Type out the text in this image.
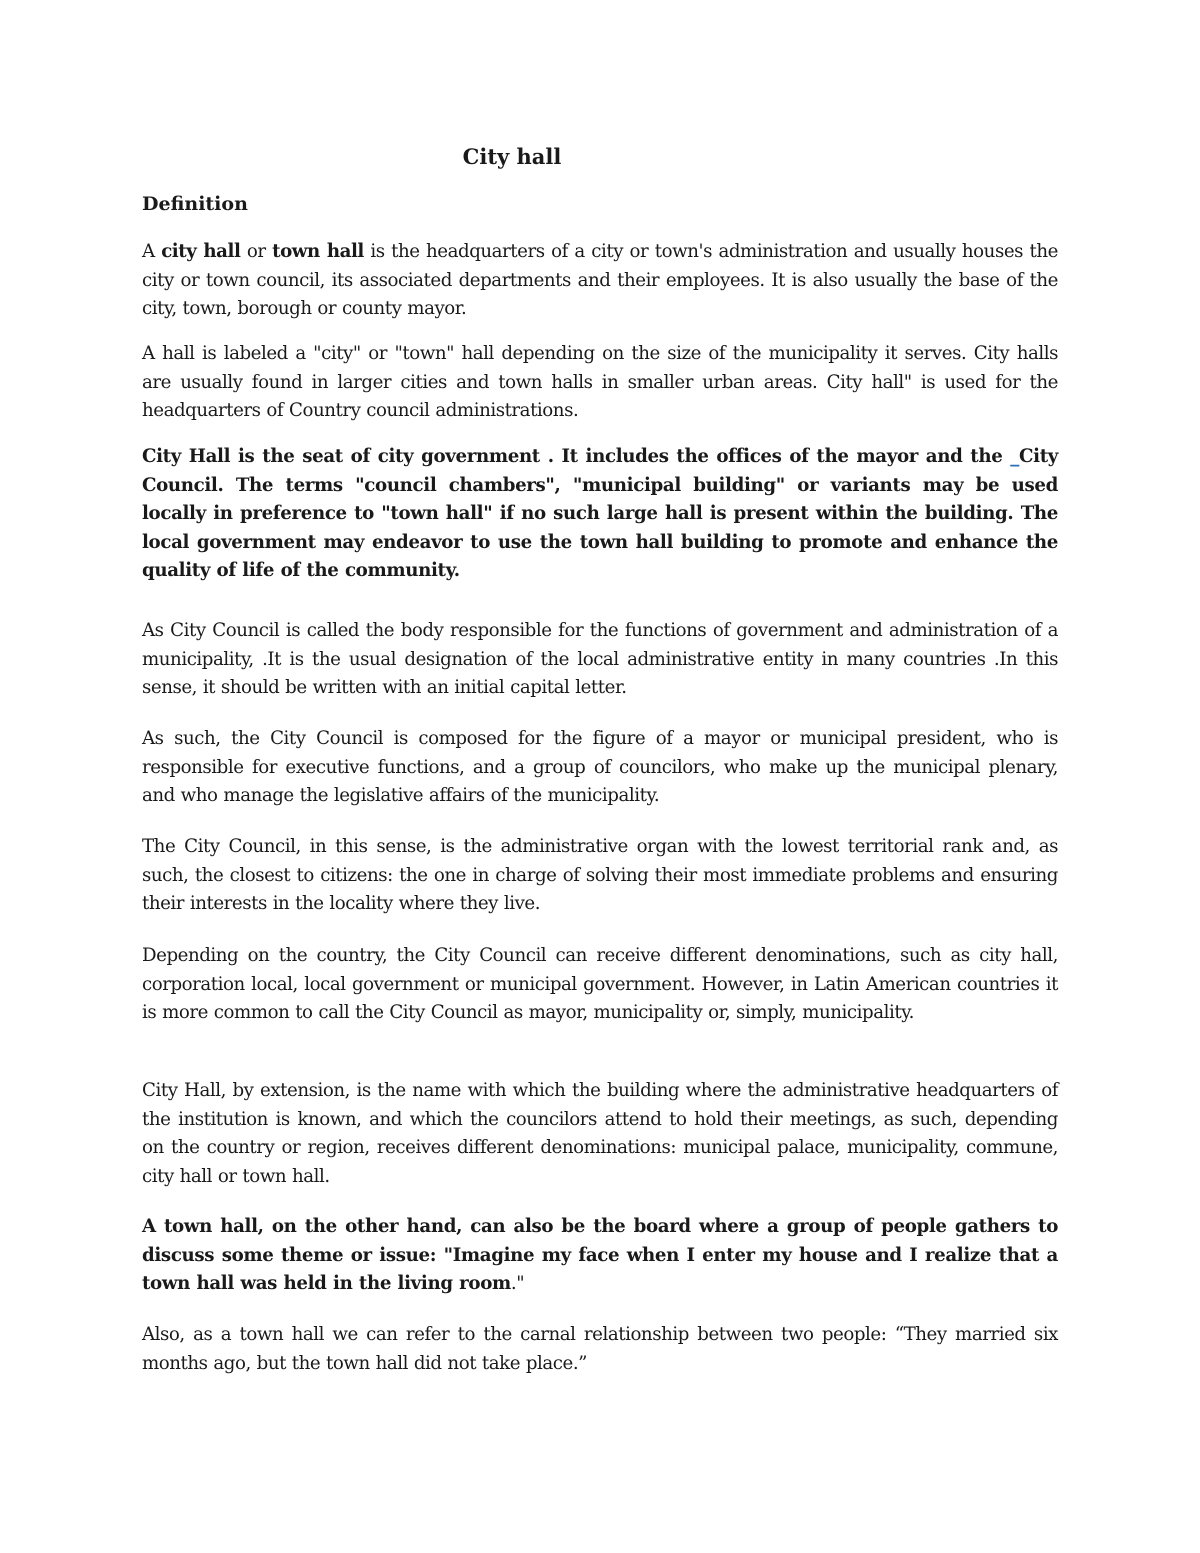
City hall
Definition

A city hall or town hall is the headquarters of a city or town's administration and usually houses the city or town council, its associated departments and their employees. It is also usually the base of the city, town, borough or county mayor.

A hall is labeled a "city" or "town" hall depending on the size of the municipality it serves. City halls are usually found in larger cities and town halls in smaller urban areas. City hall" is used for the headquarters of Country council administrations.

City Hall is the seat of city government . It includes the offices of the mayor and the _City Council. The terms "council chambers", "municipal building" or variants may be used locally in preference to "town hall" if no such large hall is present within the building. The local government may endeavor to use the town hall building to promote and enhance the quality of life of the community.

As City Council is called the body responsible for the functions of government and administration of a municipality, .It is the usual designation of the local administrative entity in many countries .In this sense, it should be written with an initial capital letter.

As such, the City Council is composed for the figure of a mayor or municipal president, who is responsible for executive functions, and a group of councilors, who make up the municipal plenary, and who manage the legislative affairs of the municipality.

The City Council, in this sense, is the administrative organ with the lowest territorial rank and, as such, the closest to citizens: the one in charge of solving their most immediate problems and ensuring their interests in the locality where they live.

Depending on the country, the City Council can receive different denominations, such as city hall, corporation local, local government or municipal government. However, in Latin American countries it is more common to call the City Council as mayor, municipality or, simply, municipality.

City Hall, by extension, is the name with which the building where the administrative headquarters of the institution is known, and which the councilors attend to hold their meetings, as such, depending on the country or region, receives different denominations: municipal palace, municipality, commune, city hall or town hall.

A town hall, on the other hand, can also be the board where a group of people gathers to discuss some theme or issue: "Imagine my face when I enter my house and I realize that a town hall was held in the living room."

Also, as a town hall we can refer to the carnal relationship between two people: “They married six months ago, but the town hall did not take place.”
